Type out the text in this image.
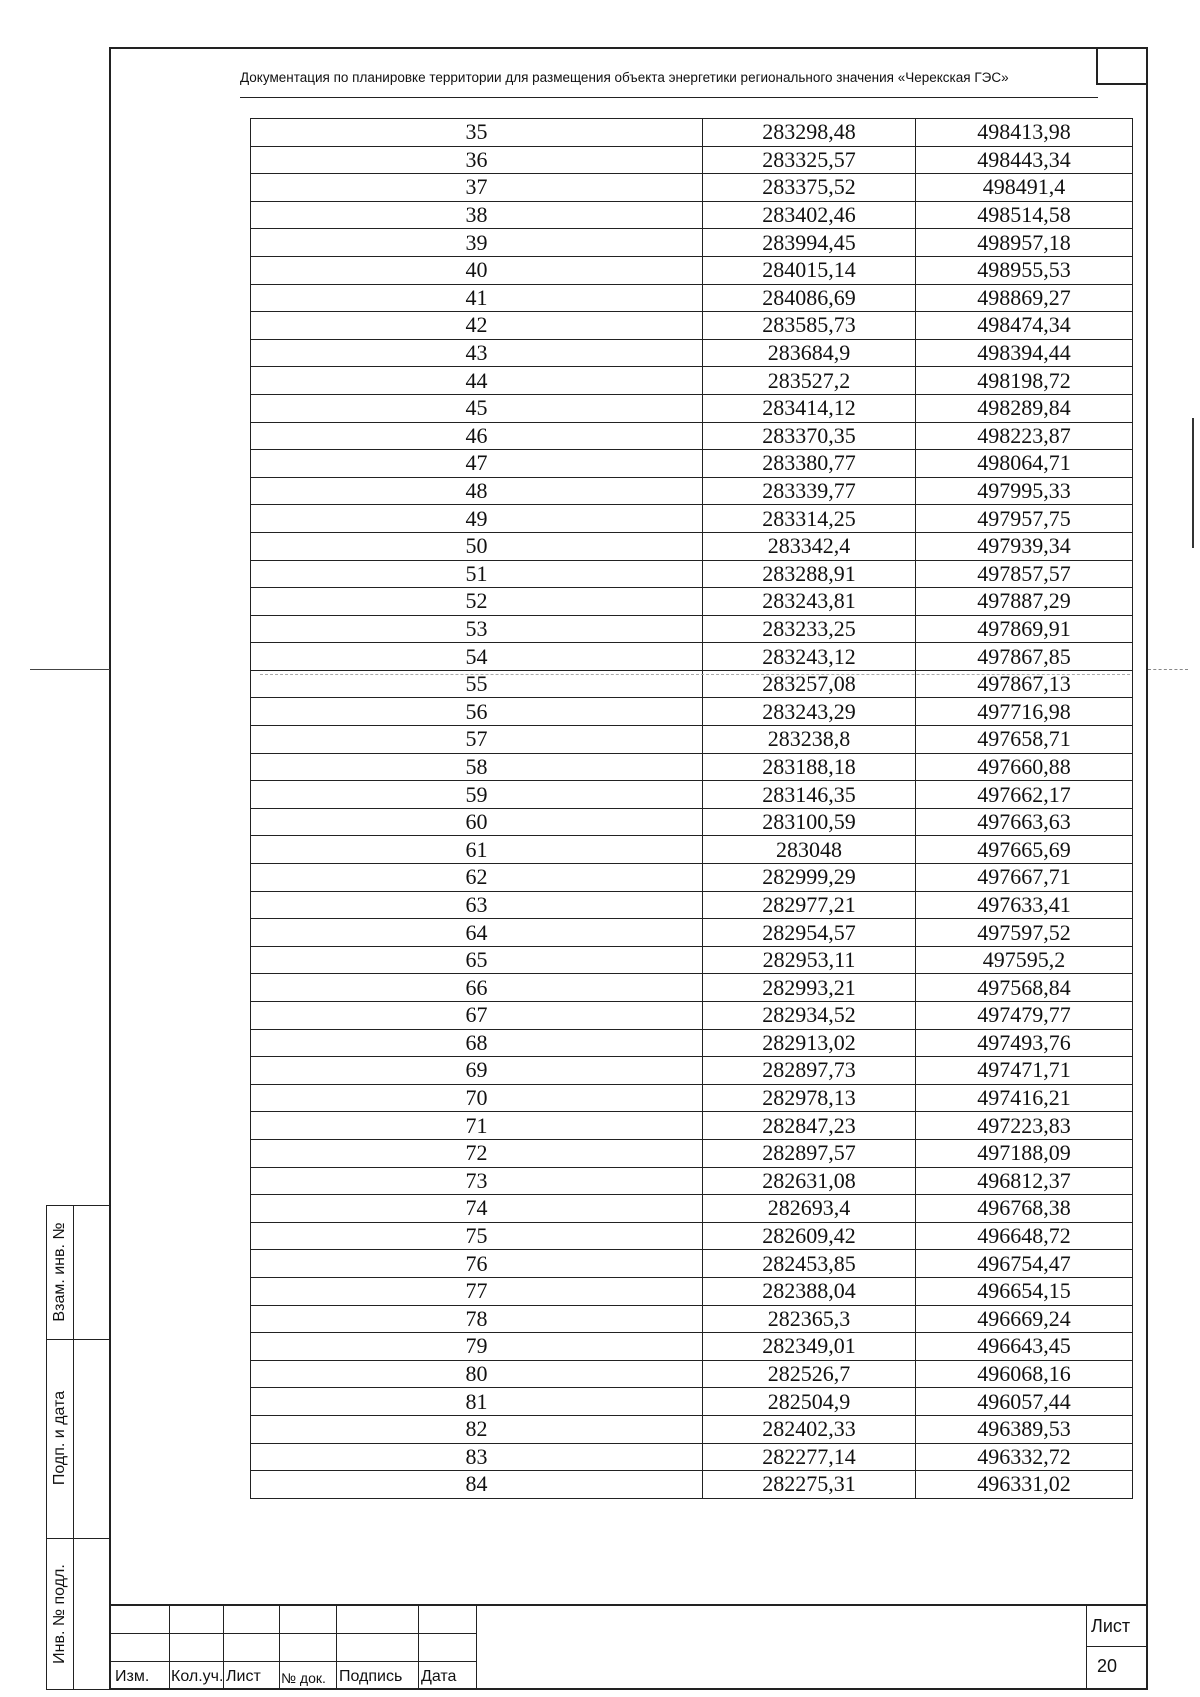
Документация по планировке территории для размещения объекта энергетики регионального значения «Черекская ГЭС»
35	283298,48	498413,98
36	283325,57	498443,34
37	283375,52	498491,4
38	283402,46	498514,58
39	283994,45	498957,18
40	284015,14	498955,53
41	284086,69	498869,27
42	283585,73	498474,34
43	283684,9	498394,44
44	283527,2	498198,72
45	283414,12	498289,84
46	283370,35	498223,87
47	283380,77	498064,71
48	283339,77	497995,33
49	283314,25	497957,75
50	283342,4	497939,34
51	283288,91	497857,57
52	283243,81	497887,29
53	283233,25	497869,91
54	283243,12	497867,85
55	283257,08	497867,13
56	283243,29	497716,98
57	283238,8	497658,71
58	283188,18	497660,88
59	283146,35	497662,17
60	283100,59	497663,63
61	283048	497665,69
62	282999,29	497667,71
63	282977,21	497633,41
64	282954,57	497597,52
65	282953,11	497595,2
66	282993,21	497568,84
67	282934,52	497479,77
68	282913,02	497493,76
69	282897,73	497471,71
70	282978,13	497416,21
71	282847,23	497223,83
72	282897,57	497188,09
73	282631,08	496812,37
74	282693,4	496768,38
75	282609,42	496648,72
76	282453,85	496754,47
77	282388,04	496654,15
78	282365,3	496669,24
79	282349,01	496643,45
80	282526,7	496068,16
81	282504,9	496057,44
82	282402,33	496389,53
83	282277,14	496332,72
84	282275,31	496331,02
Взам. инв. №
Подп. и дата
Инв. № подл.
Изм. Кол.уч. Лист № док. Подпись Дата
Лист
20
